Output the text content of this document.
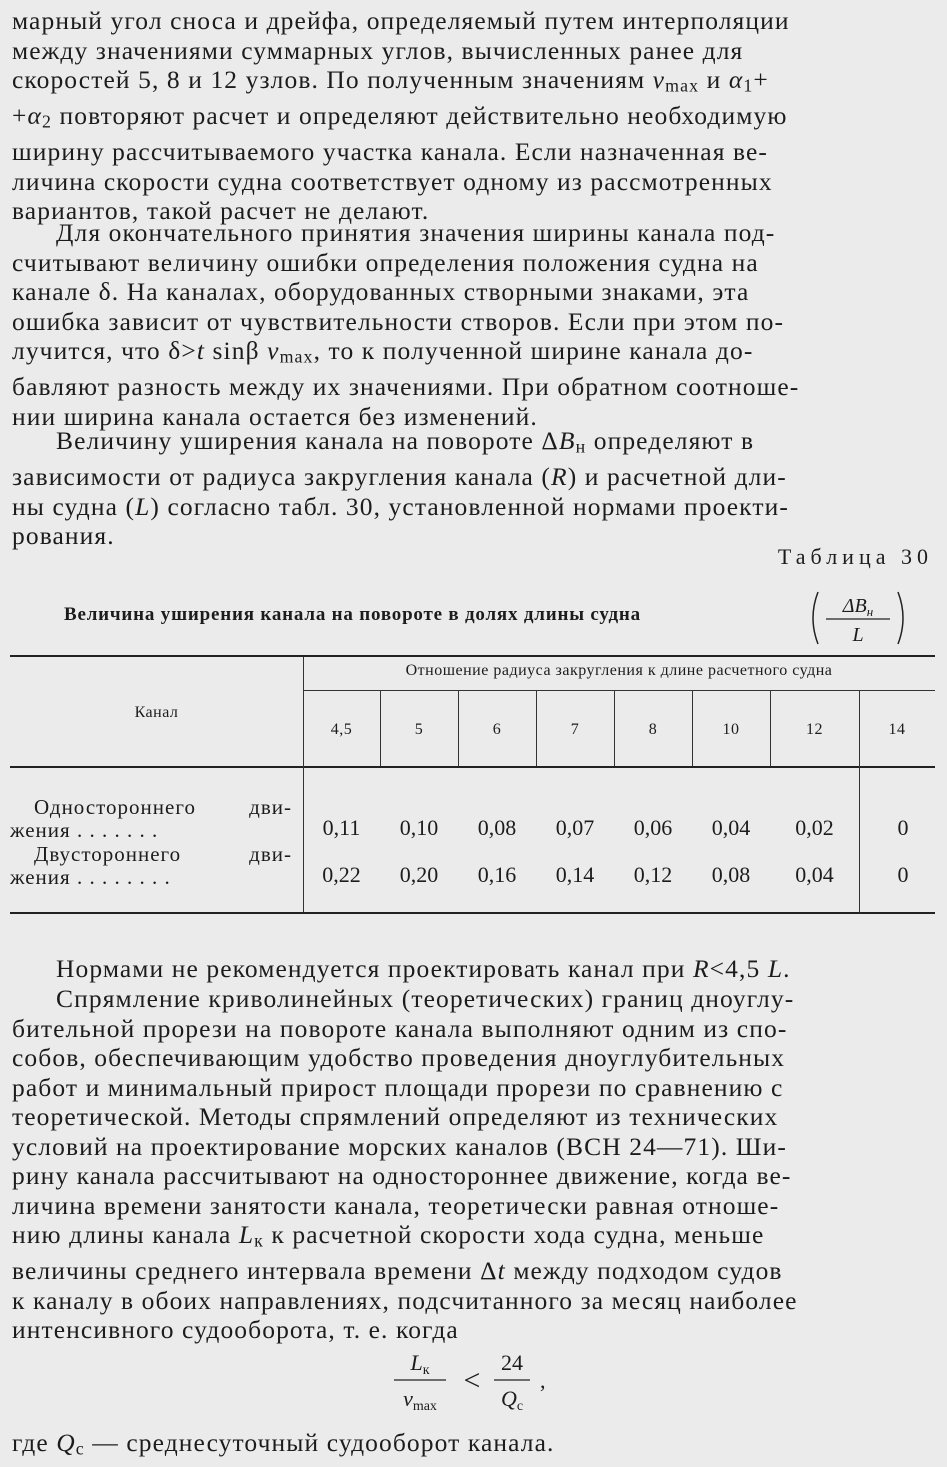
марный угол сноса и дрейфа, определяемый путем интерполяции
между значениями суммарных углов, вычисленных ранее для
скоростей 5, 8 и 12 узлов. По полученным значениям $v_{max}$ и $\alpha_1+$
$+\alpha_2$ повторяют расчет и определяют действительно необходимую
ширину рассчитываемого участка канала. Если назначенная ве-
личина скорости судна соответствует одному из рассмотренных
вариантов, такой расчет не делают.
Для окончательного принятия значения ширины канала под-
считывают величину ошибки определения положения судна на
канале δ. На каналах, оборудованных створными знаками, эта
ошибка зависит от чувствительности створов. Если при этом по-
лучится, что δ>t sinβ $v_{max}$, то к полученной ширине канала до-
бавляют разность между их значениями. При обратном соотноше-
нии ширина канала остается без изменений.
Величину уширения канала на повороте $\Delta B_н$ определяют в
зависимости от радиуса закругления канала (R) и расчетной дли-
ны судна (L) согласно табл. 30, установленной нормами проекти-
рования.
Таблица 30
Величина уширения канала на повороте в долях длины судна	$\Delta B_н$
L
Отношение радиуса закругления к длине расчетного судна
Канал
4,5	5	6	7	8	10	12	14
Одностороннего	дви-
жения . . . . . . .	0,11	0,10	0,08	0,07	0,06	0,04	0,02	0
Двустороннего	дви-
жения . . . . . . . .	0,22	0,20	0,16	0,14	0,12	0,08	0,04	0
Нормами не рекомендуется проектировать канал при R<4,5 L.
Спрямление криволинейных (теоретических) границ дноуглу-
бительной прорези на повороте канала выполняют одним из спо-
собов, обеспечивающим удобство проведения дноуглубительных
работ и минимальный прирост площади прорези по сравнению с
теоретической. Методы спрямлений определяют из технических
условий на проектирование морских каналов (ВСН 24—71). Ши-
рину канала рассчитывают на одностороннее движение, когда ве-
личина времени занятости канала, теоретически равная отноше-
нию длины канала $L_к$ к расчетной скорости хода судна, меньше
величины среднего интервала времени Δt между подходом судов
к каналу в обоих направлениях, подсчитанного за месяц наиболее
интенсивного судооборота, т. е. когда
Lк
vmax
<
24
Qc
,
где $Q_c$ — среднесуточный судооборот канала.
